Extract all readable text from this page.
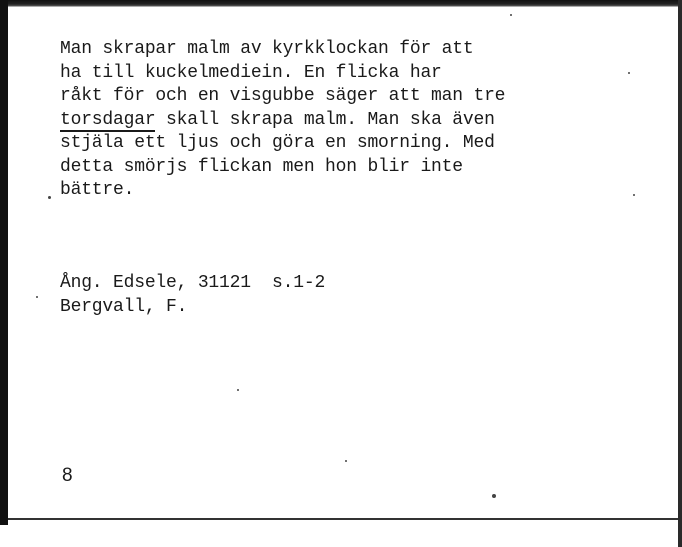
Man skrapar malm av kyrkklockan för att
ha till kuckelmediein. En flicka har
råkt för och en visgubbe säger att man tre
torsdagar skall skrapa malm. Man ska även
stjäla ett ljus och göra en smorning. Med
detta smörjs flickan men hon blir inte
bättre.
Ång. Edsele, 31121  s.1-2
Bergvall, F.
8
